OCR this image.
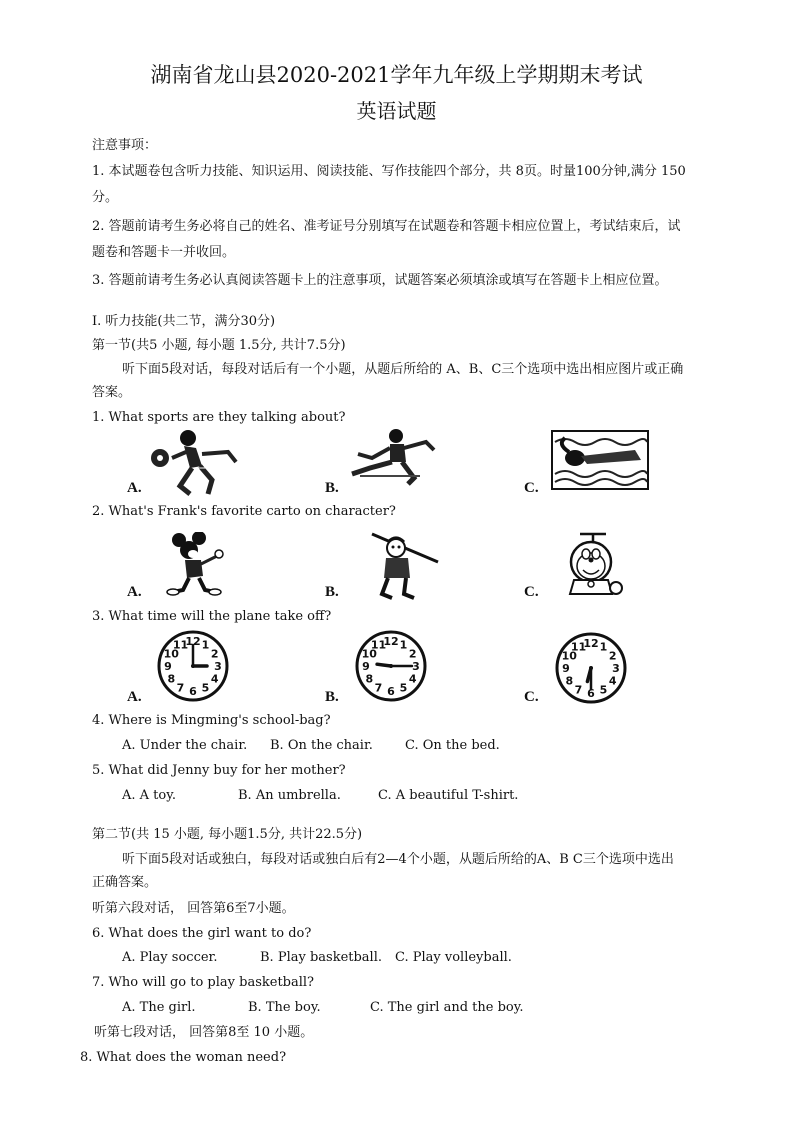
湖南省龙山县2020-2021学年九年级上学期期末考试
英语试题
注意事项：
1. 本试题卷包含听力技能、知识运用、阅读技能、写作技能四个部分，共 8页。时量100分钟,满分 150
分。
2. 答题前请考生务必将自己的姓名、准考证号分别填写在试题卷和答题卡相应位置上，考试结束后，试
题卷和答题卡一并收回。
3. 答题前请考生务必认真阅读答题卡上的注意事项，试题答案必须填涂或填写在答题卡上相应位置。
Ⅰ. 听力技能(共二节，满分30分)
第一节(共5 小题, 每小题 1.5分, 共计7.5分)
听下面5段对话，每段对话后有一个小题，从题后所给的 A、B、C三个选项中选出相应图片或正确
答案。
1. What sports are they talking about?
A.	B.	C.
2. What's Frank's favorite carto on character?
A.	B.	C.
3. What time will the plane take off?
A.
12 1
2
3
4
5
6
7
8
9
10
11
B.
12 1
2
3
4
5
6
7
8
9
10
11
C.
12 1
2
3
4
5
6
7
8
9
10
11
4. Where is Mingming's school-bag?
A. Under the chair. B. On the chair. C. On the bed.
5. What did Jenny buy for her mother?
A. A toy.	B. An umbrella.	C. A beautiful T-shirt.
第二节(共 15 小题, 每小题1.5分, 共计22.5分)
听下面5段对话或独白，每段对话或独白后有2—4个小题，从题后所给的A、B C三个选项中选出
正确答案。
听第六段对话， 回答第6至7小题。
6. What does the girl want to do?
A. Play soccer.	B. Play basketball. C. Play volleyball.
7. Who will go to play basketball?
A. The girl.	B. The boy.	C. The girl and the boy.
听第七段对话， 回答第8至 10 小题。
8. What does the woman need?
